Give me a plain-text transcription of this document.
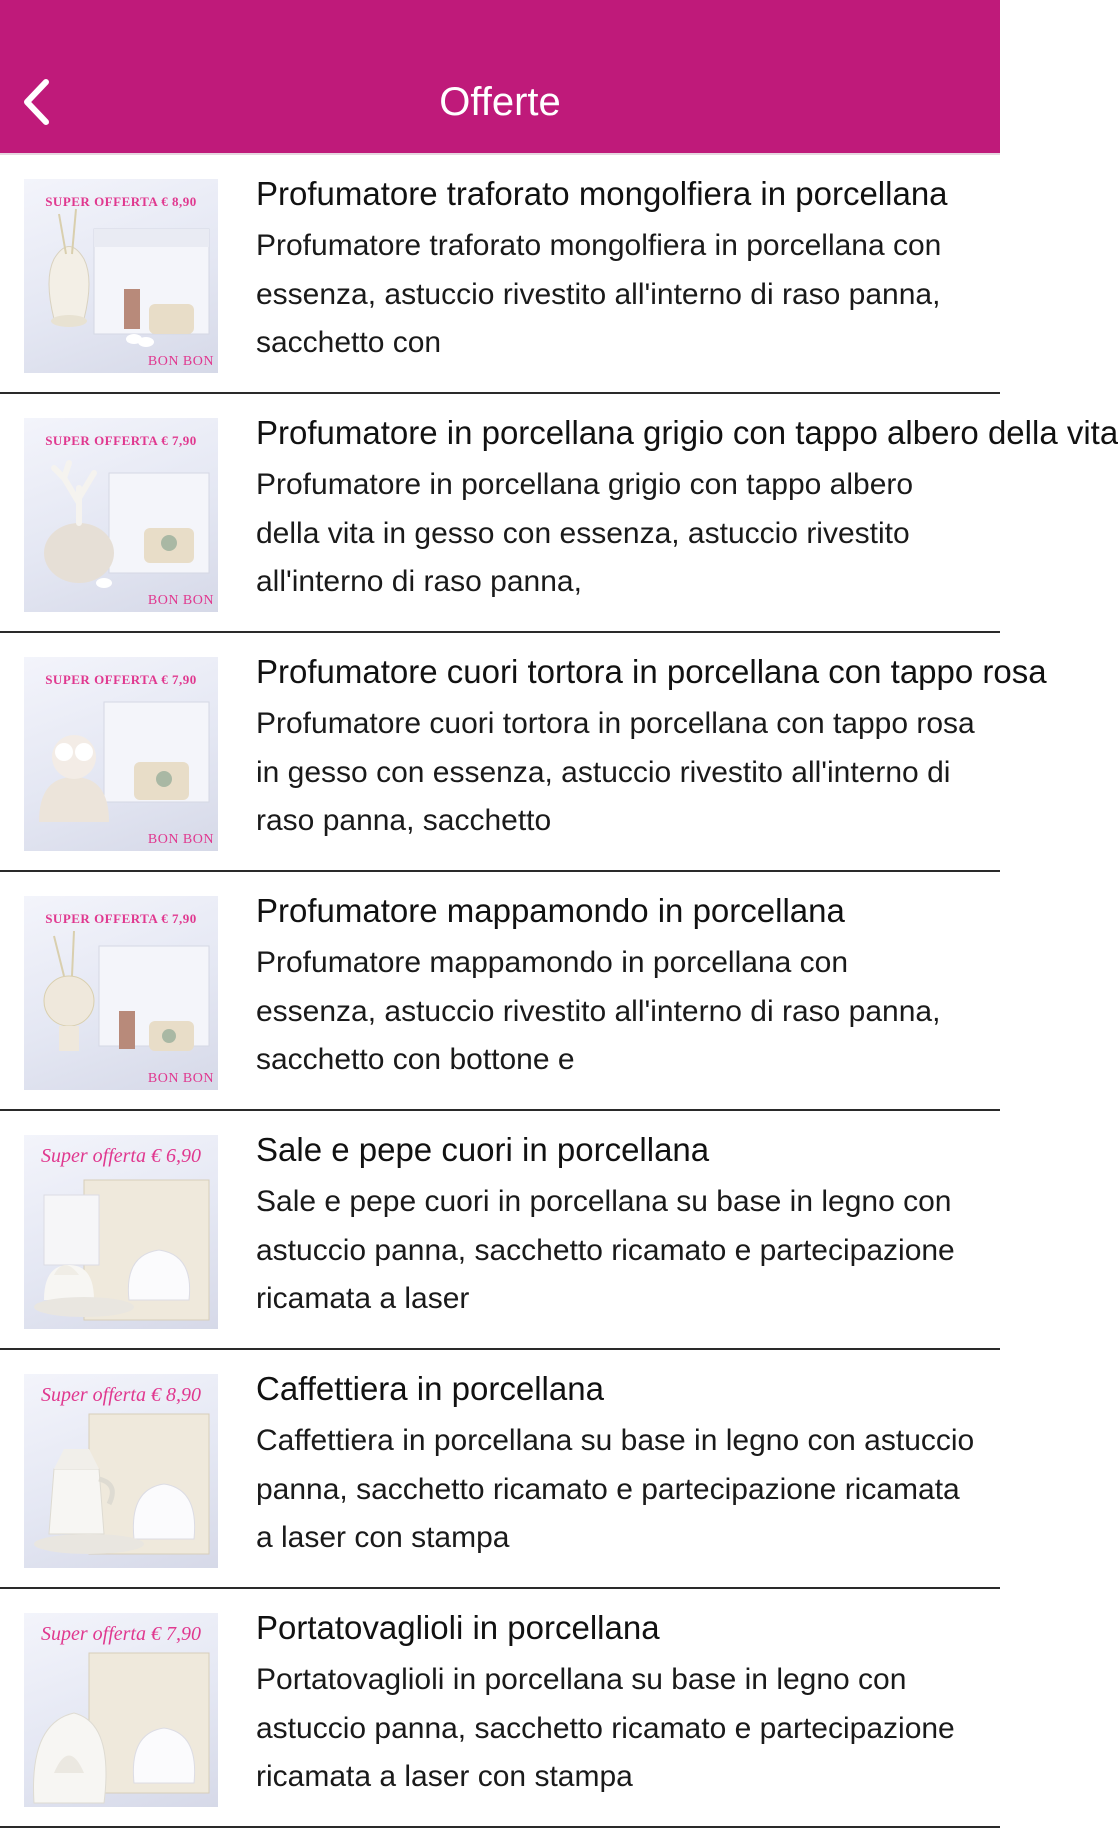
Offerte
SUPER OFFERTA € 8,90
BON BON
Profumatore traforato mongolfiera in porcellana
Profumatore traforato mongolfiera in porcellana con essenza, astuccio rivestito all'interno di raso panna, sacchetto con
SUPER OFFERTA € 7,90
BON BON
Profumatore in porcellana grigio con tappo albero della vita
Profumatore in porcellana grigio con tappo albero della vita in gesso con essenza, astuccio rivestito all'interno di raso panna,
SUPER OFFERTA € 7,90
BON BON
Profumatore cuori tortora in porcellana con tappo rosa
Profumatore cuori tortora in porcellana con tappo rosa in gesso con essenza, astuccio rivestito all'interno di raso panna, sacchetto
SUPER OFFERTA € 7,90
BON BON
Profumatore mappamondo in porcellana
Profumatore mappamondo in porcellana con essenza, astuccio rivestito all'interno di raso panna, sacchetto con bottone e
Super offerta € 6,90	Sale e pepe cuori in porcellana
Sale e pepe cuori in porcellana su base in legno con astuccio panna, sacchetto ricamato e partecipazione ricamata a laser
Super offerta € 8,90	Caffettiera in porcellana
Caffettiera in porcellana su base in legno con astuccio panna, sacchetto ricamato e partecipazione ricamata a laser con stampa
Super offerta € 7,90	Portatovaglioli in porcellana
Portatovaglioli in porcellana su base in legno con astuccio panna, sacchetto ricamato e partecipazione ricamata a laser con stampa
